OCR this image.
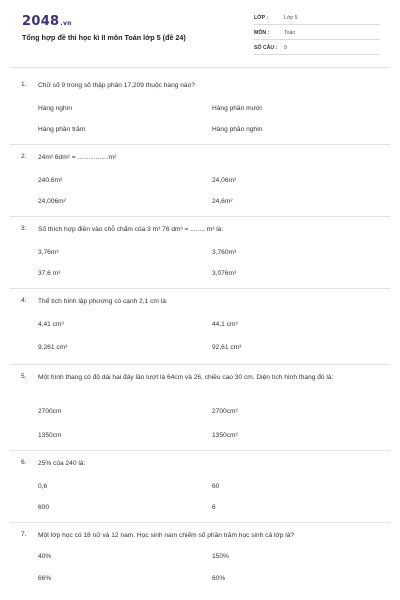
2048.vn
Tổng hợp đề thi học kì II môn Toán lớp 5 (đề 24)
LỚP :	Lớp 5
MÔN :	Toán
SỐ CÂU : 9
1. Chữ số 9 trong số thập phân 17,209 thuộc hàng nào?
Hàng nghìn	Hàng phần mười
Hàng phần trăm	Hàng phần nghìn
2. 24m² 6dm² = .................m²
240,6m²	24,06m²
24,006m²	24,6m²
3. Số thích hợp điền vào chỗ chấm của 3 m³ 76 dm³ = ........ m³ là:
3,76m³	3,760m³
37,6 m³	3,076m³
4. Thể tích hình lập phương có cạnh 2,1 cm là:
4,41 cm³	44,1 cm³
9,261 cm³	92,61 cm³
5. Một hình thang có độ dài hai đáy lần lượt là 64cm và 26, chiều cao 30 cm. Diện tích hình thang đó là:
2700cm	2700cm²
1350cm	1350cm²
6. 25% của 240 là:
0,6	60
600	6
7. Một lớp học có 18 nữ và 12 nam. Học sinh nam chiếm số phần trăm học sinh cả lớp là?
40%	150%
66%	60%
